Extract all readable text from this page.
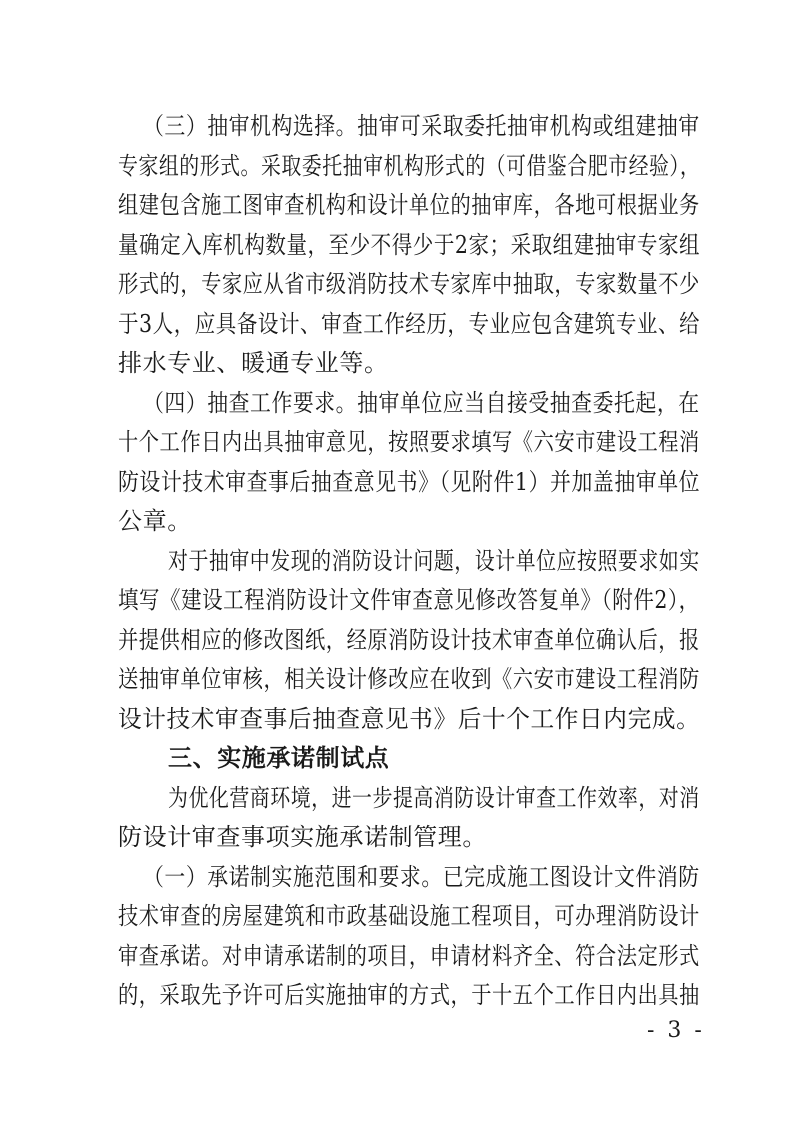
（三）抽审机构选择。抽审可采取委托抽审机构或组建抽审
专家组的形式。采取委托抽审机构形式的（可借鉴合肥市经验），
组建包含施工图审查机构和设计单位的抽审库，各地可根据业务
量确定入库机构数量，至少不得少于2家；采取组建抽审专家组
形式的，专家应从省市级消防技术专家库中抽取，专家数量不少
于3人，应具备设计、审查工作经历，专业应包含建筑专业、给
排水专业、暖通专业等。
（四）抽查工作要求。抽审单位应当自接受抽查委托起，在
十个工作日内出具抽审意见，按照要求填写《六安市建设工程消
防设计技术审查事后抽查意见书》（见附件1）并加盖抽审单位
公章。
对于抽审中发现的消防设计问题，设计单位应按照要求如实
填写《建设工程消防设计文件审查意见修改答复单》（附件2），
并提供相应的修改图纸，经原消防设计技术审查单位确认后，报
送抽审单位审核，相关设计修改应在收到《六安市建设工程消防
设计技术审查事后抽查意见书》后十个工作日内完成。
三、实施承诺制试点
为优化营商环境，进一步提高消防设计审查工作效率，对消
防设计审查事项实施承诺制管理。
（一）承诺制实施范围和要求。已完成施工图设计文件消防
技术审查的房屋建筑和市政基础设施工程项目，可办理消防设计
审查承诺。对申请承诺制的项目，申请材料齐全、符合法定形式
的，采取先予许可后实施抽审的方式，于十五个工作日内出具抽
- 3 -
